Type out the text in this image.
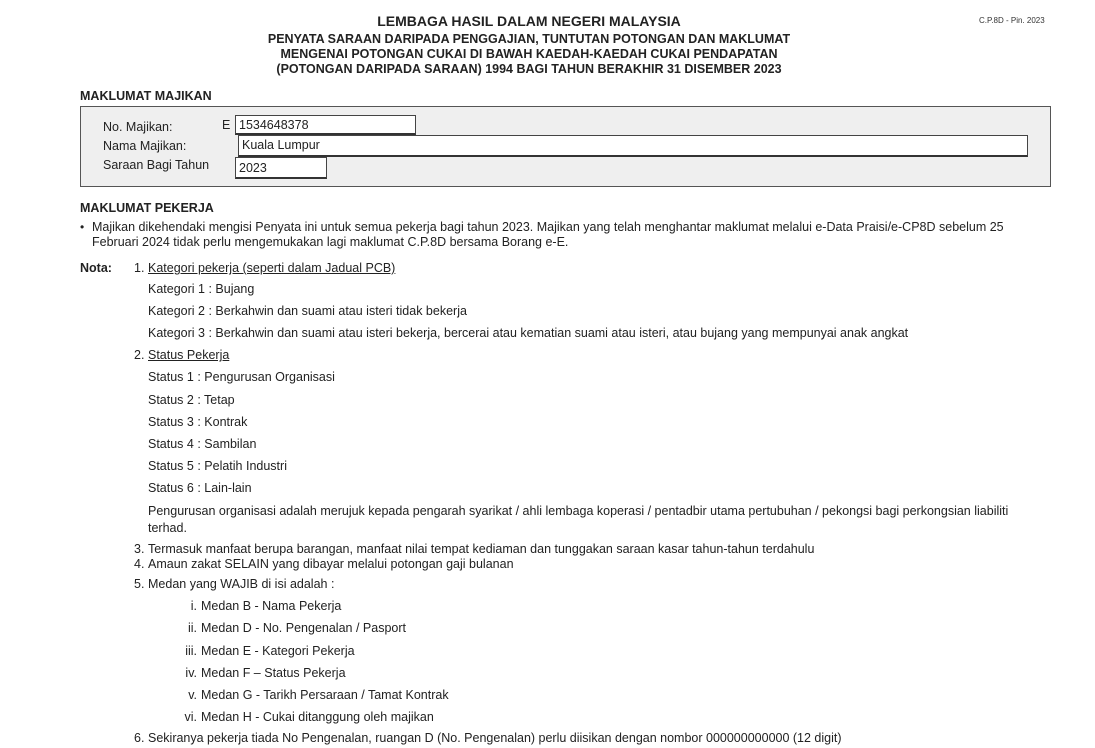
C.P.8D - Pin. 2023
LEMBAGA HASIL DALAM NEGERI MALAYSIA
PENYATA SARAAN DARIPADA PENGGAJIAN, TUNTUTAN POTONGAN DAN MAKLUMAT
MENGENAI POTONGAN CUKAI DI BAWAH KAEDAH-KAEDAH CUKAI PENDAPATAN
(POTONGAN DARIPADA SARAAN) 1994 BAGI TAHUN BERAKHIR 31 DISEMBER 2023
MAKLUMAT MAJIKAN
No. Majikan:	E 1534648378
Nama Majikan:	Kuala Lumpur
Saraan Bagi Tahun	2023
MAKLUMAT PEKERJA
• Majikan dikehendaki mengisi Penyata ini untuk semua pekerja bagi tahun 2023. Majikan yang telah menghantar maklumat melalui e-Data Praisi/e-CP8D sebelum 25 Februari 2024 tidak perlu mengemukakan lagi maklumat C.P.8D bersama Borang e-E.
Nota: 1. Kategori pekerja (seperti dalam Jadual PCB)
Kategori 1 : Bujang
Kategori 2 : Berkahwin dan suami atau isteri tidak bekerja
Kategori 3 : Berkahwin dan suami atau isteri bekerja, bercerai atau kematian suami atau isteri, atau bujang yang mempunyai anak angkat
2. Status Pekerja
Status 1 : Pengurusan Organisasi
Status 2 : Tetap
Status 3 : Kontrak
Status 4 : Sambilan
Status 5 : Pelatih Industri
Status 6 : Lain-lain
Pengurusan organisasi adalah merujuk kepada pengarah syarikat / ahli lembaga koperasi / pentadbir utama pertubuhan / pekongsi bagi perkongsian liabiliti terhad.
3. Termasuk manfaat berupa barangan, manfaat nilai tempat kediaman dan tunggakan saraan kasar tahun-tahun terdahulu
4. Amaun zakat SELAIN yang dibayar melalui potongan gaji bulanan
5. Medan yang WAJIB di isi adalah :
i. Medan B - Nama Pekerja
ii. Medan D - No. Pengenalan / Pasport
iii. Medan E - Kategori Pekerja
iv. Medan F – Status Pekerja
v. Medan G - Tarikh Persaraan / Tamat Kontrak
vi. Medan H - Cukai ditanggung oleh majikan
6. Sekiranya pekerja tiada No Pengenalan, ruangan D (No. Pengenalan) perlu diisikan dengan nombor 000000000000 (12 digit)
